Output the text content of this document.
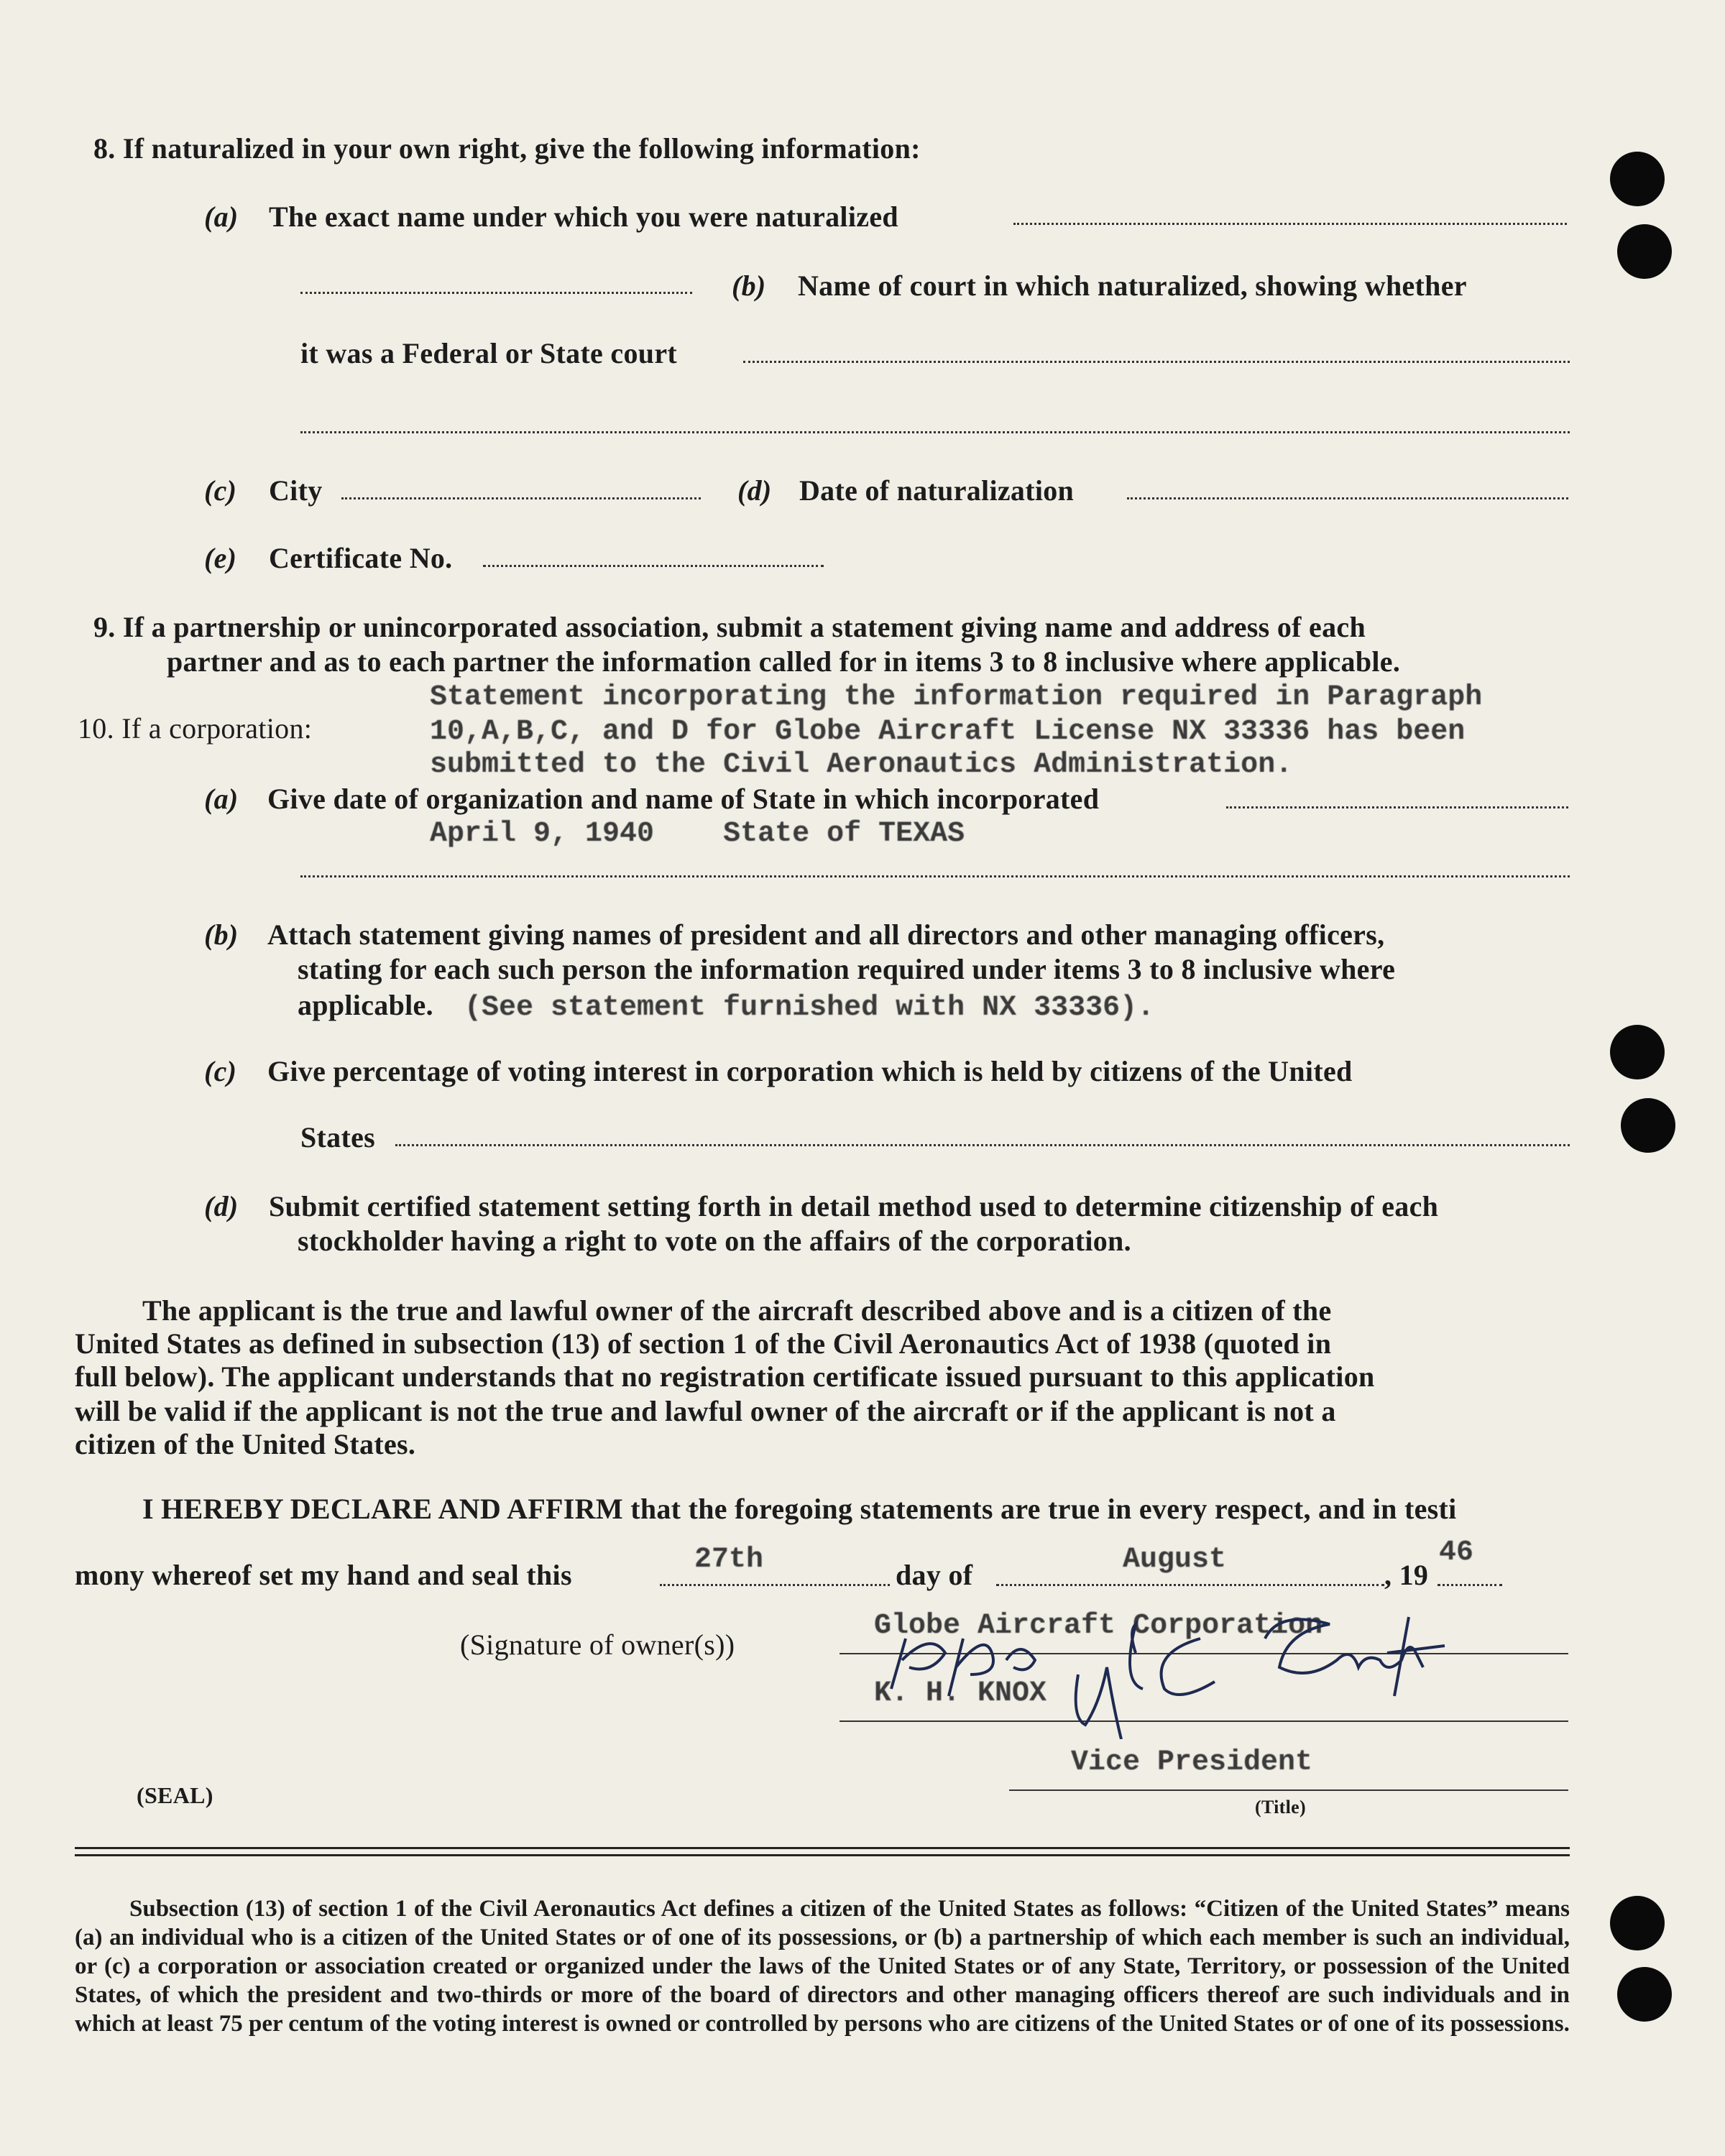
8. If naturalized in your own right, give the following information:
(a) The exact name under which you were naturalized
(b) Name of court in which naturalized, showing whether
it was a Federal or State court
(c) City	(d) Date of naturalization
(e) Certificate No.
9. If a partnership or unincorporated association, submit a statement giving name and address of each
partner and as to each partner the information called for in items 3 to 8 inclusive where applicable.
10. If a corporation:
Statement incorporating the information required in Paragraph
10,A,B,C, and D for Globe Aircraft License NX 33336 has been
submitted to the Civil Aeronautics Administration.
(a) Give date of organization and name of State in which incorporated
April 9, 1940    State of TEXAS
(b) Attach statement giving names of president and all directors and other managing officers,
stating for each such person the information required under items 3 to 8 inclusive where
applicable. (See statement furnished with NX 33336).
(c) Give percentage of voting interest in corporation which is held by citizens of the United
States
(d) Submit certified statement setting forth in detail method used to determine citizenship of each
stockholder having a right to vote on the affairs of the corporation.
The applicant is the true and lawful owner of the aircraft described above and is a citizen of the
United States as defined in subsection (13) of section 1 of the Civil Aeronautics Act of 1938 (quoted in
full below). The applicant understands that no registration certificate issued pursuant to this application
will be valid if the applicant is not the true and lawful owner of the aircraft or if the applicant is not a
citizen of the United States.
I HEREBY DECLARE AND AFFIRM that the foregoing statements are true in every respect, and in testi
mony whereof set my hand and seal this	27th	day of	August	, 19
46
(Signature of owner(s))
Globe Aircraft Corporation
K. H. KNOX
Vice President
(Title)
(SEAL)
Subsection (13) of section 1 of the Civil Aeronautics Act defines a citizen of the United States as follows: “Citizen of the United States” means (a) an individual who is a citizen of the United States or of one of its possessions, or (b) a partnership of which each member is such an individual, or (c) a corporation or association created or organized under the laws of the United States or of any State, Territory, or possession of the United States, of which the president and two-thirds or more of the board of directors and other managing officers thereof are such individuals and in which at least 75 per centum of the voting interest is owned or controlled by persons who are citizens of the United States or of one of its possessions.
